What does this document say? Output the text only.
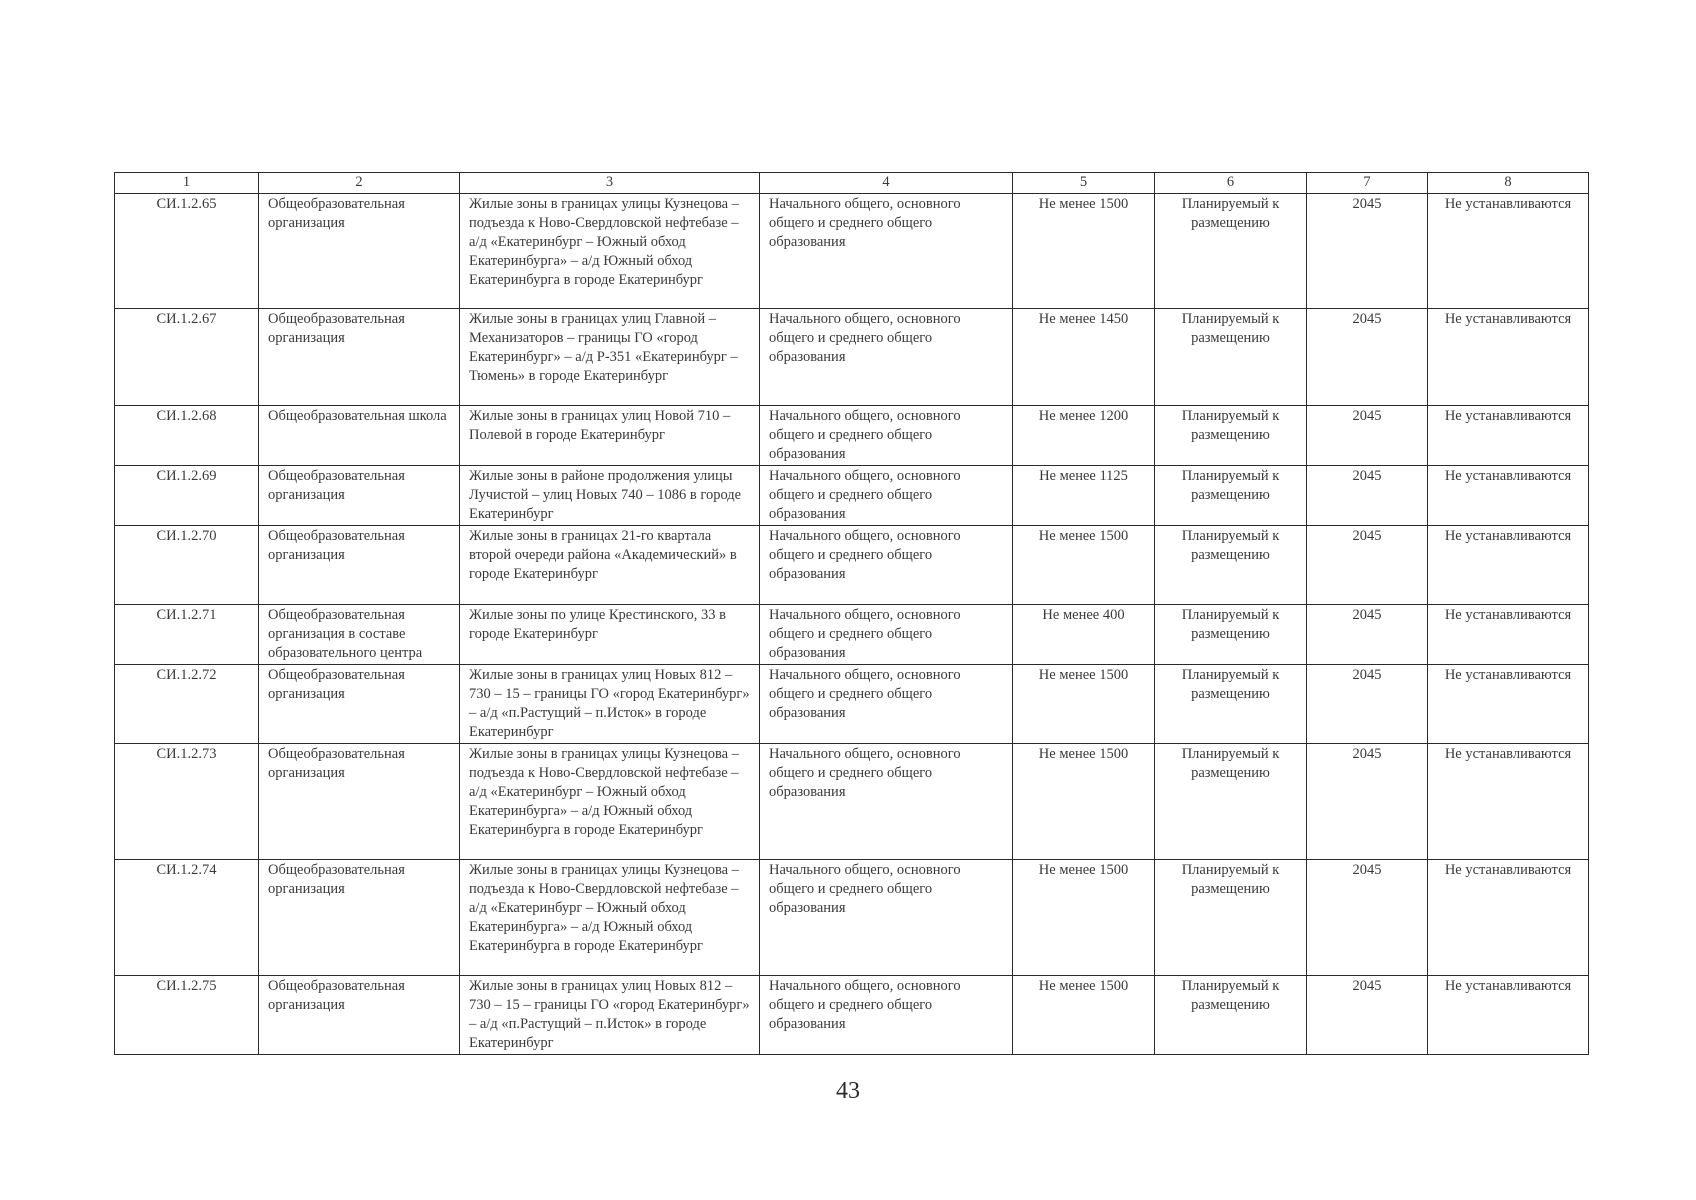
1	2	3	4	5	6	7	8
СИ.1.2.65	Общеобразовательная организация	Жилые зоны в границах улицы Кузнецова – подъезда к Ново-Свердловской нефтебазе – а/д «Екатеринбург – Южный обход Екатеринбурга» – а/д Южный обход Екатеринбурга в городе Екатеринбург	Начального общего, основного общего и среднего общего образования	Не менее 1500	Планируемый к размещению	2045	Не устанавливаются
СИ.1.2.67	Общеобразовательная организация	Жилые зоны в границах улиц Главной – Механизаторов – границы ГО «город Екатеринбург» – а/д Р-351 «Екатеринбург – Тюмень» в городе Екатеринбург	Начального общего, основного общего и среднего общего образования	Не менее 1450	Планируемый к размещению	2045	Не устанавливаются
СИ.1.2.68	Общеобразовательная школа	Жилые зоны в границах улиц Новой 710 – Полевой в городе Екатеринбург	Начального общего, основного общего и среднего общего образования	Не менее 1200	Планируемый к размещению	2045	Не устанавливаются
СИ.1.2.69	Общеобразовательная организация	Жилые зоны в районе продолжения улицы Лучистой – улиц Новых 740 – 1086 в городе Екатеринбург	Начального общего, основного общего и среднего общего образования	Не менее 1125	Планируемый к размещению	2045	Не устанавливаются
СИ.1.2.70	Общеобразовательная организация	Жилые зоны в границах 21-го квартала второй очереди района «Академический» в городе Екатеринбург	Начального общего, основного общего и среднего общего образования	Не менее 1500	Планируемый к размещению	2045	Не устанавливаются
СИ.1.2.71	Общеобразовательная организация в составе образовательного центра	Жилые зоны по улице Крестинского, 33 в городе Екатеринбург	Начального общего, основного общего и среднего общего образования	Не менее 400	Планируемый к размещению	2045	Не устанавливаются
СИ.1.2.72	Общеобразовательная организация	Жилые зоны в границах улиц Новых 812 – 730 – 15 – границы ГО «город Екатеринбург» – а/д «п.Растущий – п.Исток» в городе Екатеринбург	Начального общего, основного общего и среднего общего образования	Не менее 1500	Планируемый к размещению	2045	Не устанавливаются
СИ.1.2.73	Общеобразовательная организация	Жилые зоны в границах улицы Кузнецова – подъезда к Ново-Свердловской нефтебазе – а/д «Екатеринбург – Южный обход Екатеринбурга» – а/д Южный обход Екатеринбурга в городе Екатеринбург	Начального общего, основного общего и среднего общего образования	Не менее 1500	Планируемый к размещению	2045	Не устанавливаются
СИ.1.2.74	Общеобразовательная организация	Жилые зоны в границах улицы Кузнецова – подъезда к Ново-Свердловской нефтебазе – а/д «Екатеринбург – Южный обход Екатеринбурга» – а/д Южный обход Екатеринбурга в городе Екатеринбург	Начального общего, основного общего и среднего общего образования	Не менее 1500	Планируемый к размещению	2045	Не устанавливаются
СИ.1.2.75	Общеобразовательная организация	Жилые зоны в границах улиц Новых 812 – 730 – 15 – границы ГО «город Екатеринбург» – а/д «п.Растущий – п.Исток» в городе Екатеринбург	Начального общего, основного общего и среднего общего образования	Не менее 1500	Планируемый к размещению	2045	Не устанавливаются
43
